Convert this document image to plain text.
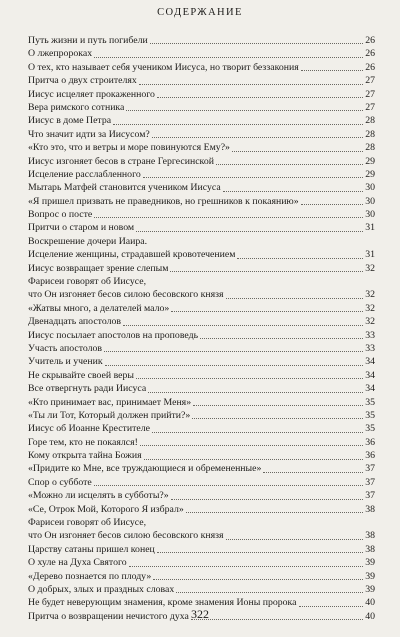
СОДЕРЖАНИЕ
Путь жизни и путь погибели	26
О лжепророках	26
О тех, кто называет себя учеником Иисуса, но творит беззакония	26
Притча о двух строителях	27
Иисус исцеляет прокаженного	27
Вера римского сотника	27
Иисус в доме Петра	28
Что значит идти за Иисусом?	28
«Кто это, что и ветры и море повинуются Ему?»	28
Иисус изгоняет бесов в стране Гергесинской	29
Исцеление расслабленного	29
Мытарь Матфей становится учеником Иисуса	30
«Я пришел призвать не праведников, но грешников к покаянию»	30
Вопрос о посте	30
Притчи о старом и новом	31
Воскрешение дочери Иаира.
Исцеление женщины, страдавшей кровотечением	31
Иисус возвращает зрение слепым	32
Фарисеи говорят об Иисусе,
что Он изгоняет бесов силою бесовского князя	32
«Жатвы много, а делателей мало»	32
Двенадцать апостолов	32
Иисус посылает апостолов на проповедь	33
Участь апостолов	33
Учитель и ученик	34
Не скрывайте своей веры	34
Все отвергнуть ради Иисуса	34
«Кто принимает вас, принимает Меня»	35
«Ты ли Тот, Который должен прийти?»	35
Иисус об Иоанне Крестителе	35
Горе тем, кто не покаялся!	36
Кому открыта тайна Божия	36
«Придите ко Мне, все труждающиеся и обремененные»	37
Спор о субботе	37
«Можно ли исцелять в субботы?»	37
«Се, Отрок Мой, Которого Я избрал»	38
Фарисеи говорят об Иисусе,
что Он изгоняет бесов силою бесовского князя	38
Царству сатаны пришел конец	38
О хуле на Духа Святого	39
«Дерево познается по плоду»	39
О добрых, злых и праздных словах	39
Не будет неверующим знамения, кроме знамения Ионы пророка	40
Притча о возвращении нечистого духа	40
322
